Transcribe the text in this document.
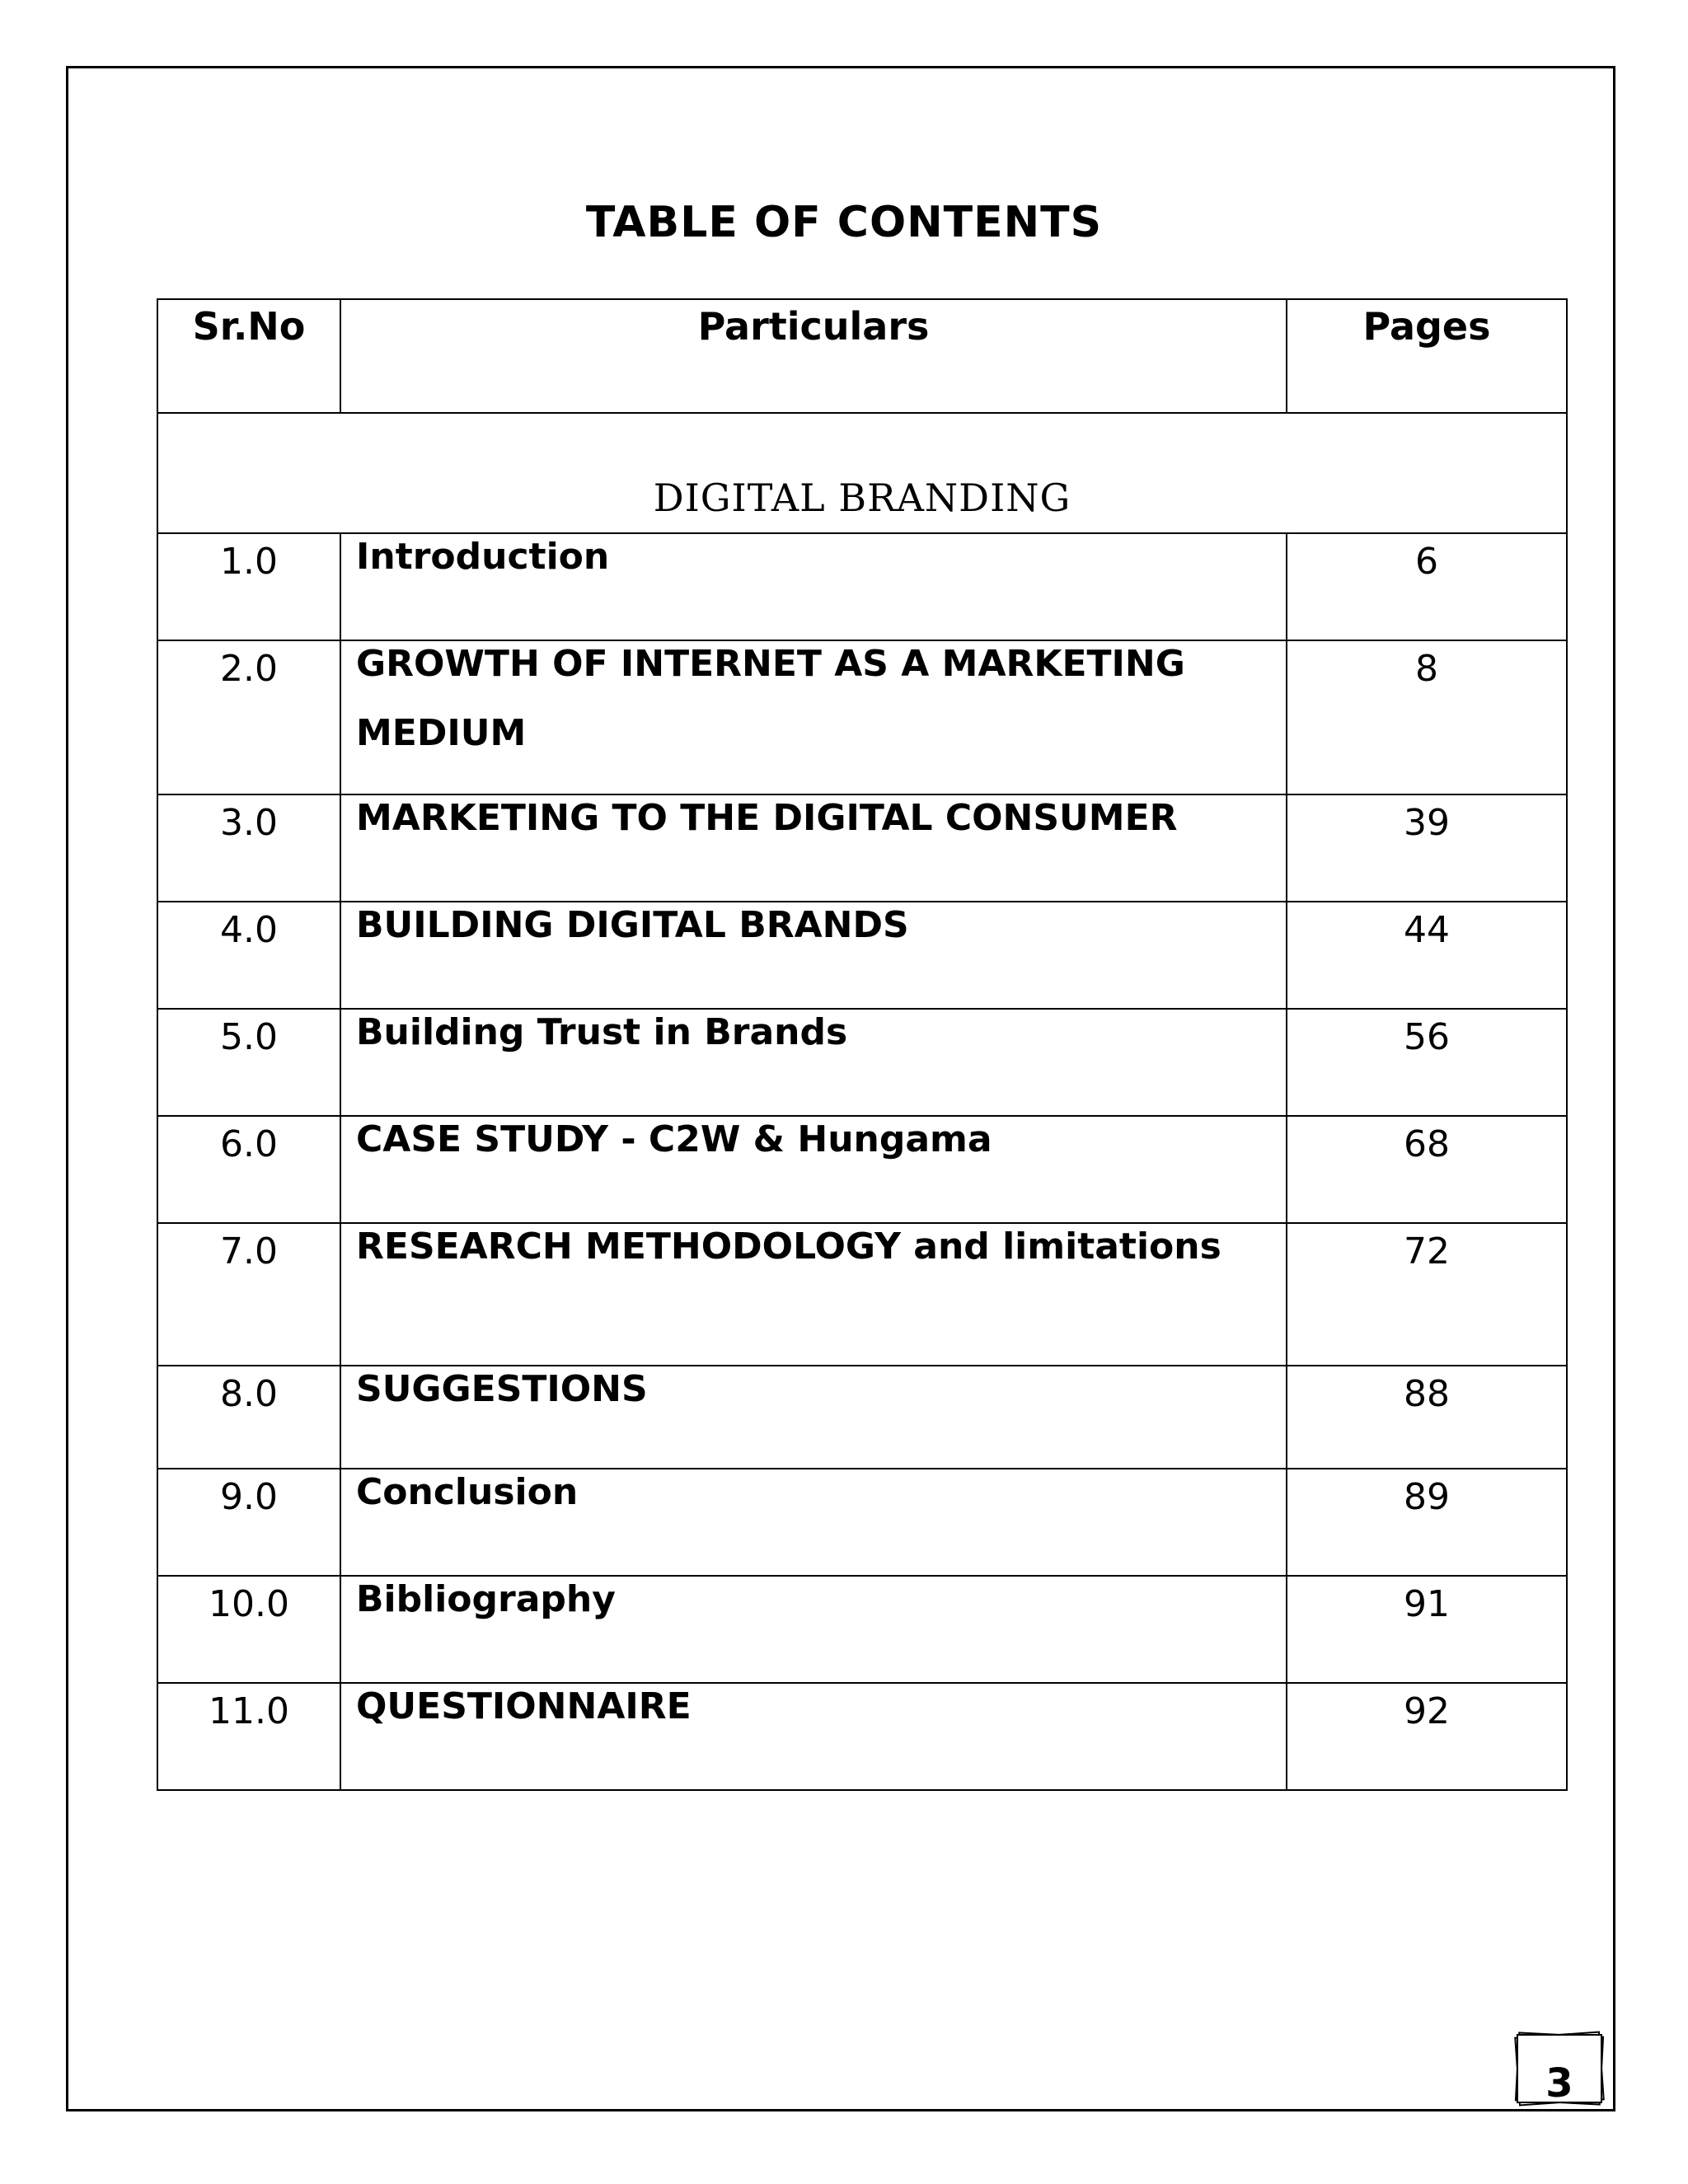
TABLE OF CONTENTS
Sr.No	Particulars	Pages
DIGITAL BRANDING		
1.0	Introduction	6
2.0	GROWTH OF INTERNET AS A MARKETING MEDIUM	8
3.0	MARKETING TO THE DIGITAL CONSUMER	39
4.0	BUILDING DIGITAL BRANDS	44
5.0	Building Trust in Brands	56
6.0	CASE STUDY - C2W & Hungama	68
7.0	RESEARCH METHODOLOGY and limitations	72
8.0	SUGGESTIONS	88
9.0	Conclusion	89
10.0	Bibliography	91
11.0	QUESTIONNAIRE	92
3
